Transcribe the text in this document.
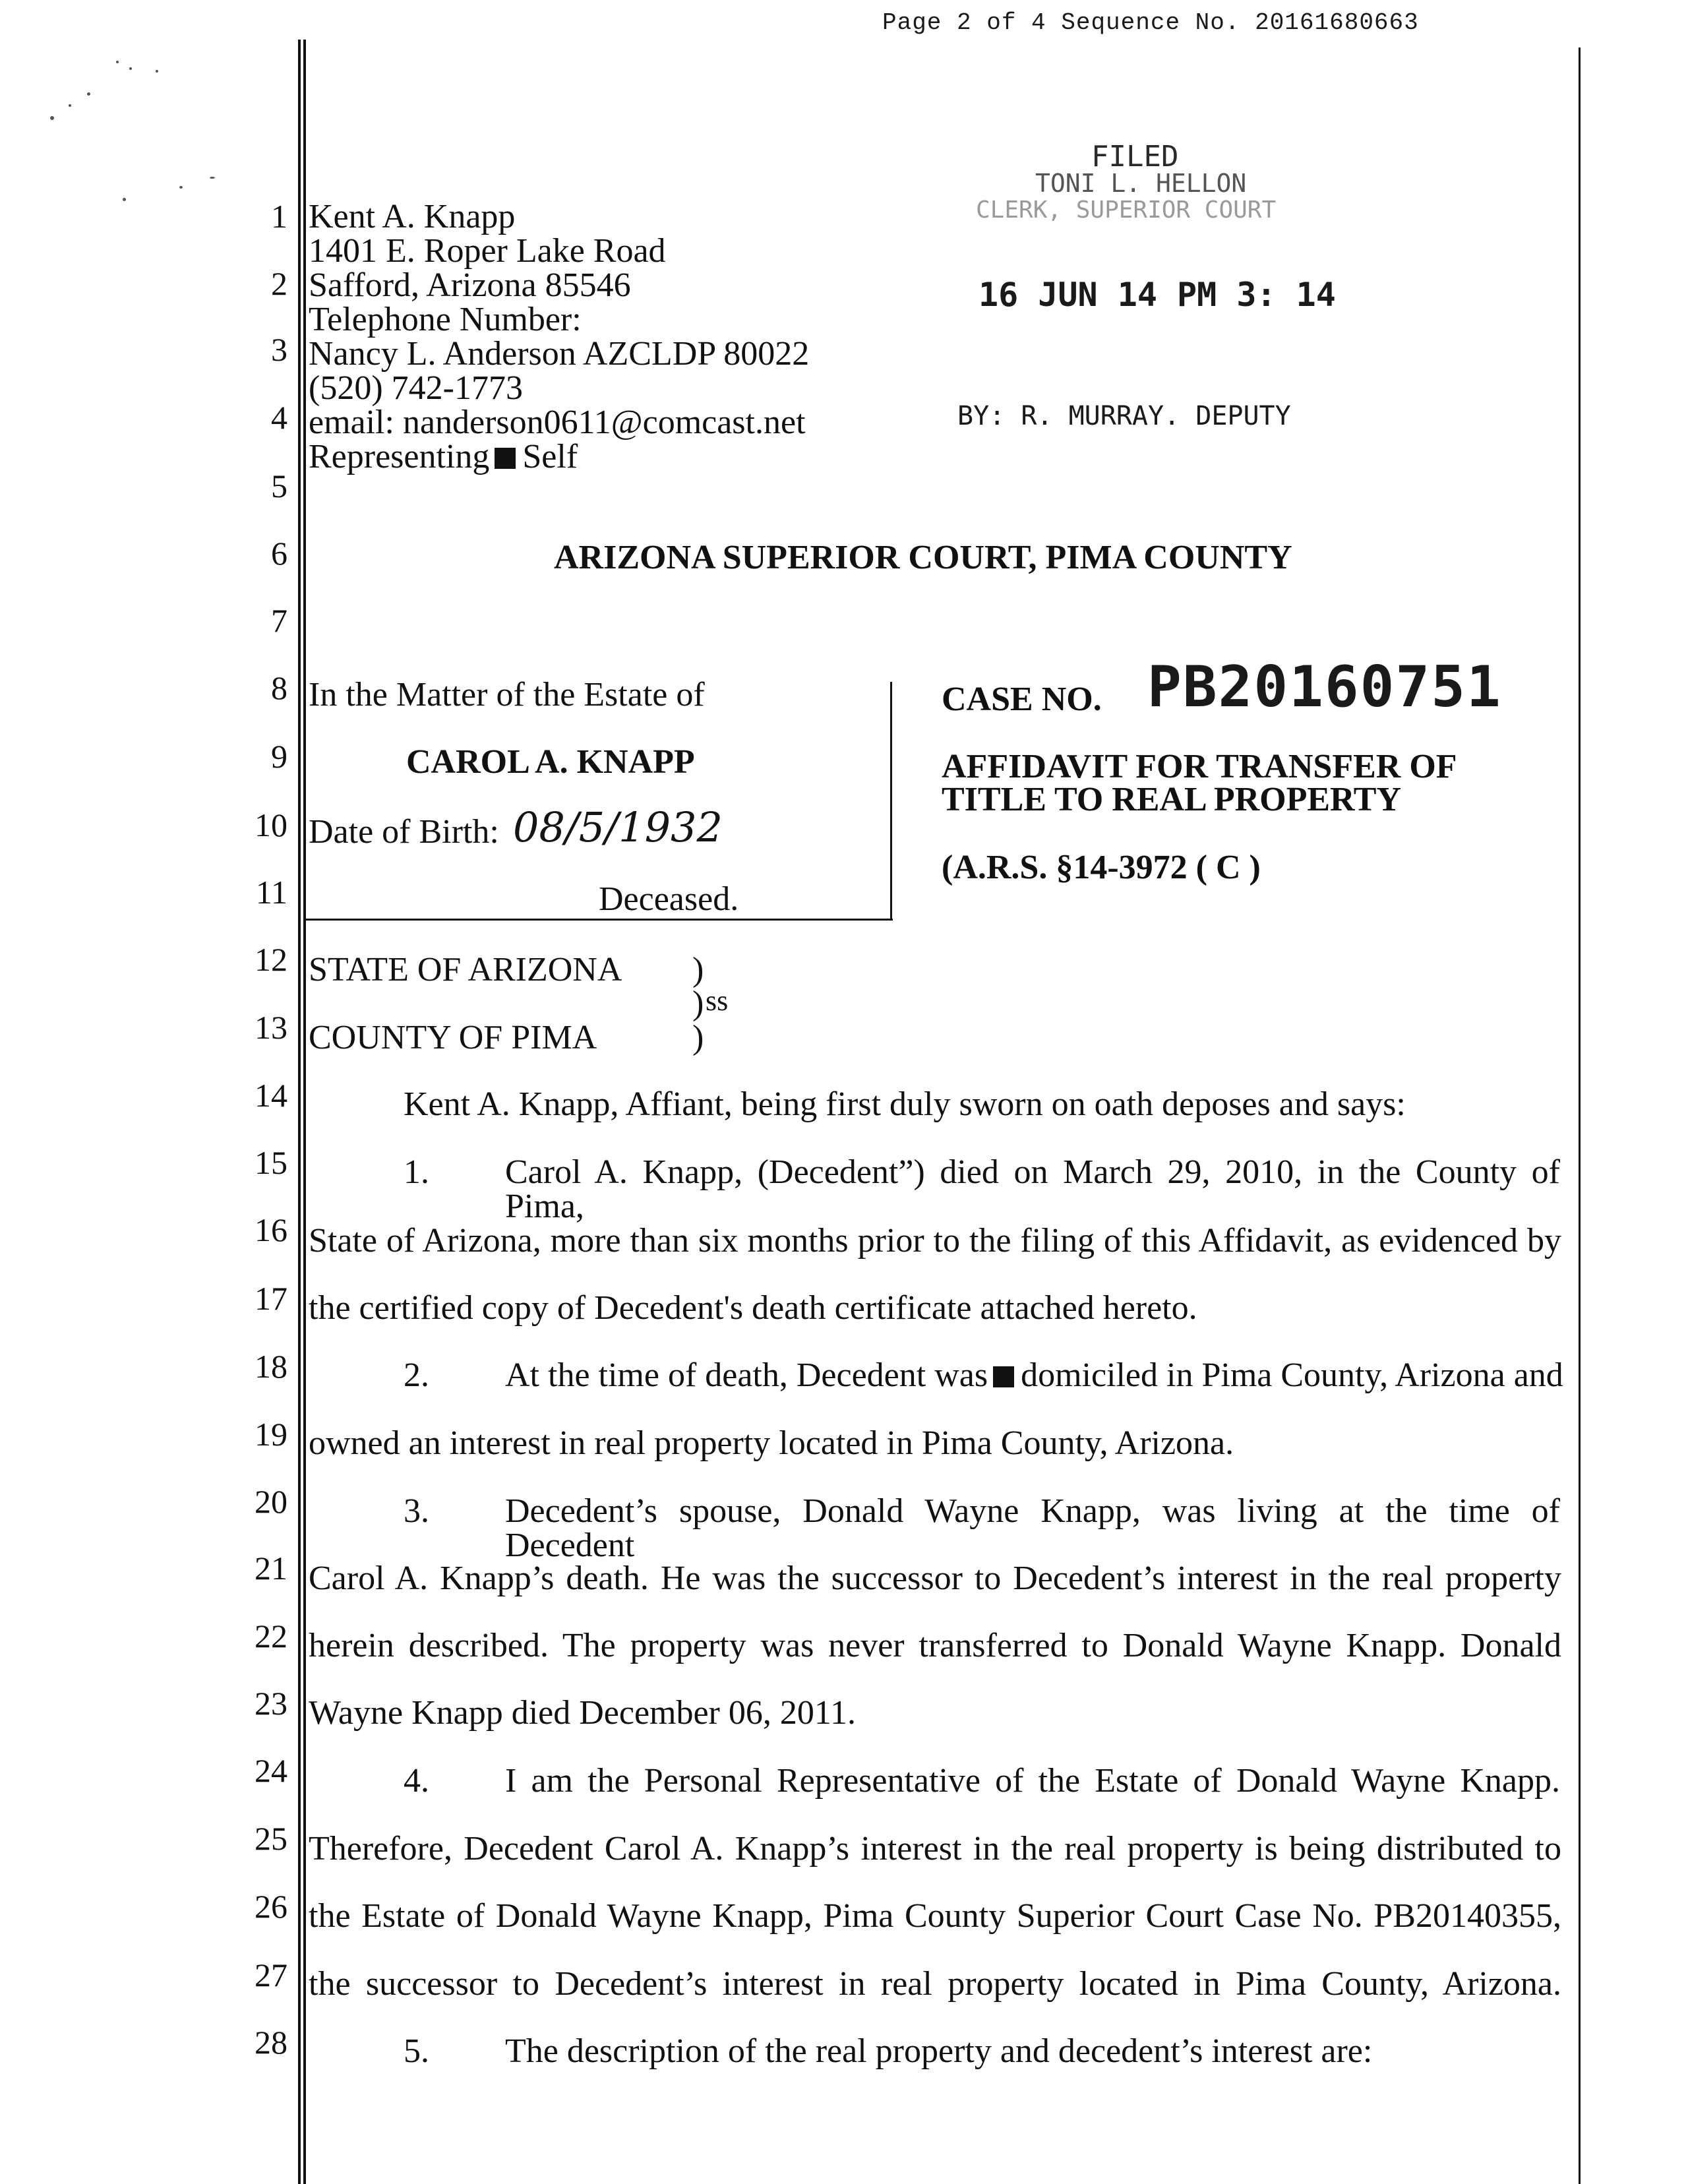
Page 2 of 4 Sequence No. 20161680663
1
2
3
4
5
6
7
8
9
10
11
12
13
14
15
16
17
18
19
20
21
22
23
24
25
26
27
28
Kent A. Knapp
1401 E. Roper Lake Road
Safford, Arizona 85546
Telephone Number:
Nancy L. Anderson AZCLDP 80022
(520) 742-1773
email: nanderson0611@comcast.net
Representing Self
FILED
TONI L. HELLON
CLERK, SUPERIOR COURT
16 JUN 14 PM 3: 14
BY: R. MURRAY. DEPUTY
ARIZONA SUPERIOR COURT, PIMA COUNTY
In the Matter of the Estate of
CAROL A. KNAPP
Date of Birth: 08/5/1932
Deceased.
CASE NO. PB20160751
AFFIDAVIT FOR TRANSFER OF
TITLE TO REAL PROPERTY
(A.R.S. §14-3972 ( C )
STATE OF ARIZONA )
) ss
COUNTY OF PIMA	)
Kent A. Knapp, Affiant, being first duly sworn on oath deposes and says:
1. Carol A. Knapp, (Decedent”) died on March 29, 2010, in the County of Pima,
State of Arizona, more than six months prior to the filing of this Affidavit, as evidenced by
the certified copy of Decedent's death certificate attached hereto.
2. At the time of death, Decedent was domiciled in Pima County, Arizona and
owned an interest in real property located in Pima County, Arizona.
3. Decedent’s spouse, Donald Wayne Knapp, was living at the time of Decedent
Carol A. Knapp’s death. He was the successor to Decedent’s interest in the real property
herein described. The property was never transferred to Donald Wayne Knapp. Donald
Wayne Knapp died December 06, 2011.
4. I am the Personal Representative of the Estate of Donald Wayne Knapp.
Therefore, Decedent Carol A. Knapp’s interest in the real property is being distributed to
the Estate of Donald Wayne Knapp, Pima County Superior Court Case No. PB20140355,
the successor to Decedent’s interest in real property located in Pima County, Arizona.
5. The description of the real property and decedent’s interest are:
